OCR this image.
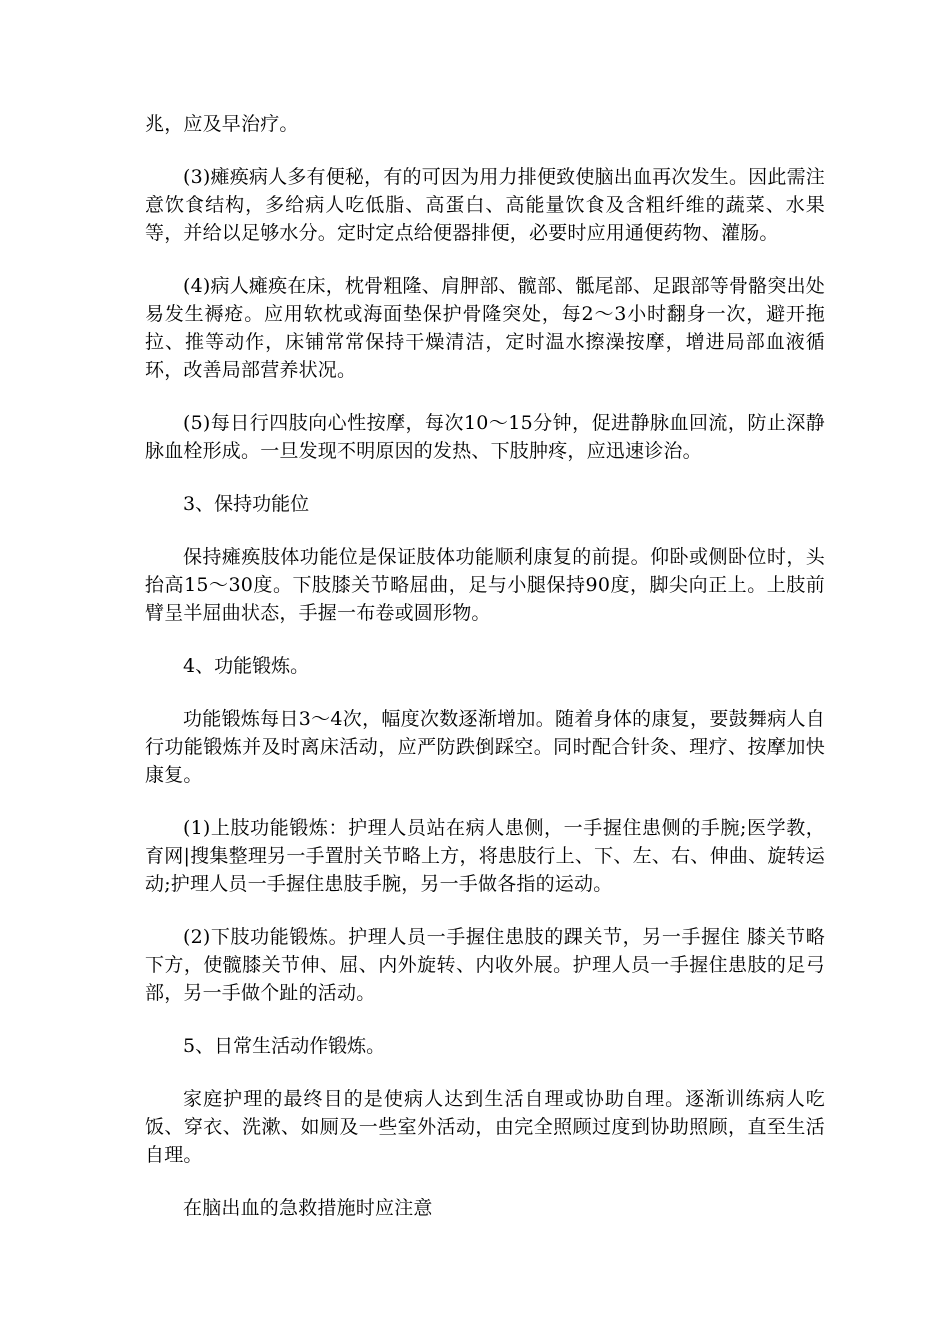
兆，应及早治疗。

(3)瘫痪病人多有便秘，有的可因为用力排便致使脑出血再次发生。因此需注意饮食结构，多给病人吃低脂、高蛋白、高能量饮食及含粗纤维的蔬菜、水果等，并给以足够水分。定时定点给便器排便，必要时应用通便药物、灌肠。

(4)病人瘫痪在床，枕骨粗隆、肩胛部、髋部、骶尾部、足跟部等骨骼突出处易发生褥疮。应用软枕或海面垫保护骨隆突处，每2～3小时翻身一次，避开拖拉、推等动作，床铺常常保持干燥清洁，定时温水擦澡按摩，增进局部血液循环，改善局部营养状况。

(5)每日行四肢向心性按摩，每次10～15分钟，促进静脉血回流，防止深静脉血栓形成。一旦发现不明原因的发热、下肢肿疼，应迅速诊治。

3、保持功能位

保持瘫痪肢体功能位是保证肢体功能顺利康复的前提。仰卧或侧卧位时，头抬高15～30度。下肢膝关节略屈曲，足与小腿保持90度，脚尖向正上。上肢前臂呈半屈曲状态，手握一布卷或圆形物。

4、功能锻炼。

功能锻炼每日3～4次，幅度次数逐渐增加。随着身体的康复，要鼓舞病人自行功能锻炼并及时离床活动，应严防跌倒踩空。同时配合针灸、理疗、按摩加快康复。

(1)上肢功能锻炼：护理人员站在病人患侧，一手握住患侧的手腕;医学教，育网|搜集整理另一手置肘关节略上方，将患肢行上、下、左、右、伸曲、旋转运动;护理人员一手握住患肢手腕，另一手做各指的运动。

(2)下肢功能锻炼。护理人员一手握住患肢的踝关节，另一手握住 膝关节略下方，使髋膝关节伸、屈、内外旋转、内收外展。护理人员一手握住患肢的足弓部，另一手做个趾的活动。

5、日常生活动作锻炼。

家庭护理的最终目的是使病人达到生活自理或协助自理。逐渐训练病人吃饭、穿衣、洗漱、如厕及一些室外活动，由完全照顾过度到协助照顾，直至生活自理。

在脑出血的急救措施时应注意
